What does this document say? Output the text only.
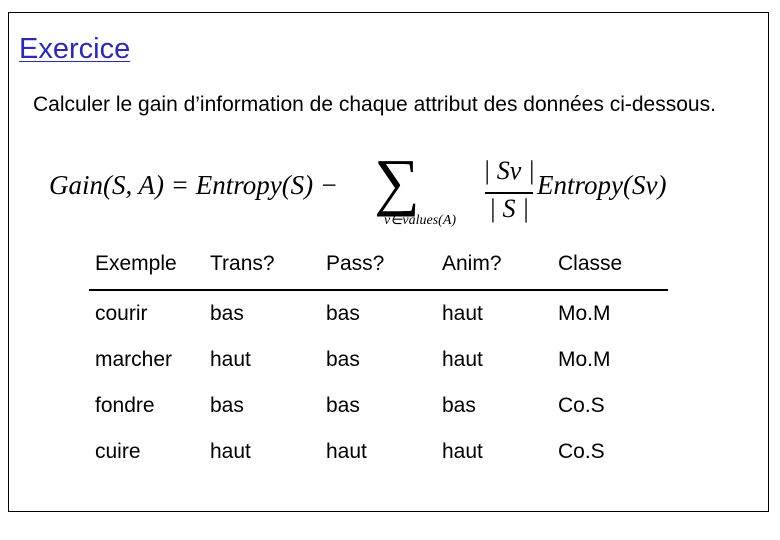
Exercice
Calculer le gain d’information de chaque attribut des données ci-dessous.
Gain(S, A) = Entropy(S) − ∑
v∈values(A)
| Sv |
| S |
Entropy(Sv)
Exemple	Trans?	Pass?	Anim?	Classe
courir	bas	bas	haut	Mo.M
marcher	haut	bas	haut	Mo.M
fondre	bas	bas	bas	Co.S
cuire	haut	haut	haut	Co.S
